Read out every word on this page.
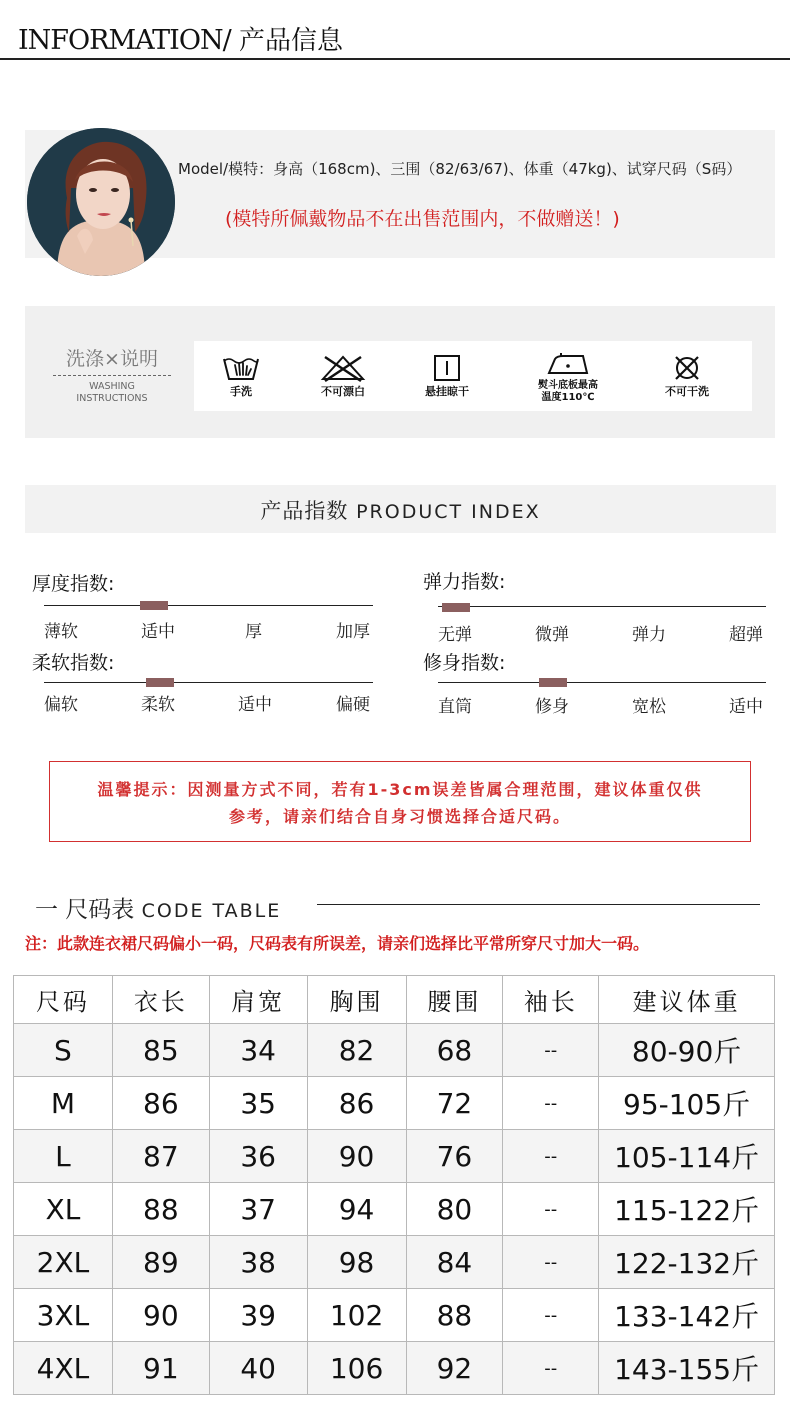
INFORMATION/ 产品信息
Model/模特：身高（168cm)、三围（82/63/67)、体重（47kg)、试穿尺码（S码）
(模特所佩戴物品不在出售范围内，不做赠送！)
洗涤×说明
WASHING
INSTRUCTIONS
手洗	不可漂白	悬挂晾干	熨斗底板最高
温度110℃	不可干洗
产品指数 PRODUCT INDEX
厚度指数:
薄软	适中	厚	加厚
弹力指数:
无弹	微弹	弹力	超弹
柔软指数:
偏软	柔软	适中	偏硬
修身指数:
直筒	修身	宽松	适中
温馨提示：因测量方式不同，若有1-3cm误差皆属合理范围，建议体重仅供
参考，请亲们结合自身习惯选择合适尺码。
一 尺码表 CODE TABLE
注：此款连衣裙尺码偏小一码，尺码表有所误差，请亲们选择比平常所穿尺寸加大一码。
尺码	衣长	肩宽	胸围	腰围	袖长	建议体重
S	85	34	82	68	--	80-90斤
M	86	35	86	72	--	95-105斤
L	87	36	90	76	--	105-114斤
XL	88	37	94	80	--	115-122斤
2XL	89	38	98	84	--	122-132斤
3XL	90	39	102	88	--	133-142斤
4XL	91	40	106	92	--	143-155斤
